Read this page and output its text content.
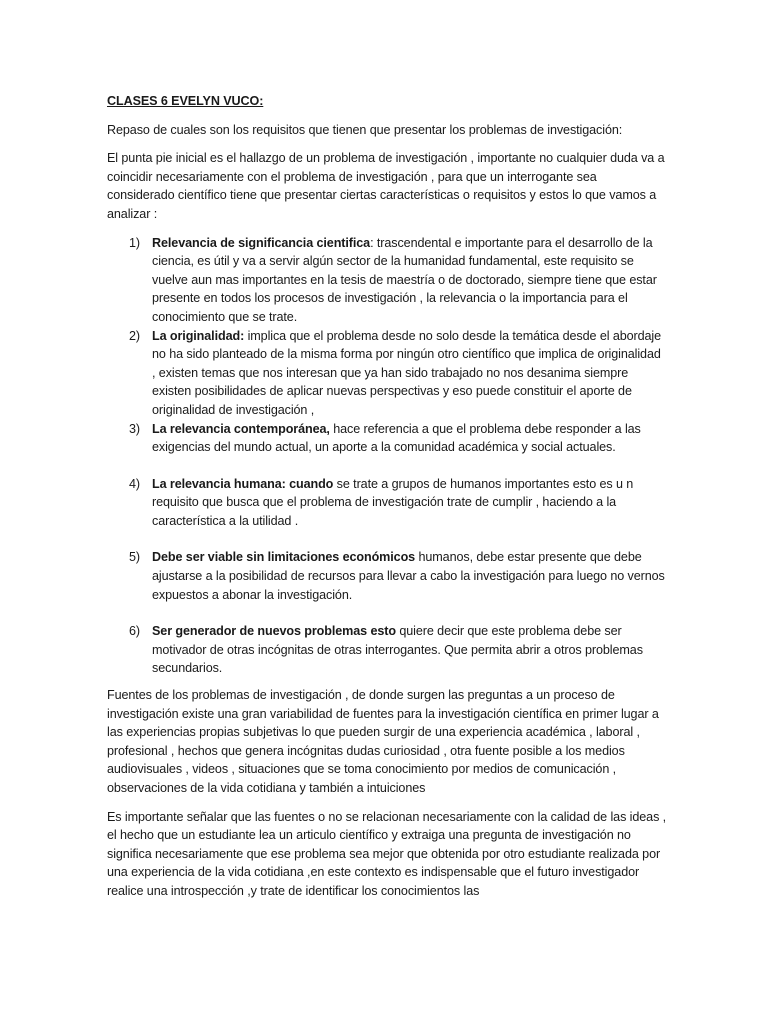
CLASES 6 EVELYN VUCO:

Repaso de cuales son los requisitos que tienen que presentar los problemas de investigación:

El punta pie inicial es el hallazgo de un problema de investigación , importante no cualquier duda va a coincidir necesariamente con el problema de investigación , para que un interrogante sea considerado científico tiene que presentar ciertas características o requisitos y estos lo que vamos a analizar :

1) Relevancia de significancia cientifica: trascendental e importante para el desarrollo de la ciencia, es útil y va a servir algún sector de la humanidad fundamental, este requisito se vuelve aun mas importantes en la tesis de maestría o de doctorado, siempre tiene que estar presente en todos los procesos de investigación , la relevancia o la importancia para el conocimiento que se trate.
2) La originalidad: implica que el problema desde no solo desde la temática desde el abordaje no ha sido planteado de la misma forma por ningún otro científico que implica de originalidad , existen temas que nos interesan que ya han sido trabajado no nos desanima siempre existen posibilidades de aplicar nuevas perspectivas y eso puede constituir el aporte de originalidad de investigación ,
3) La relevancia contemporánea, hace referencia a que el problema debe responder a las exigencias del mundo actual, un aporte a la comunidad académica y social actuales.
4) La relevancia humana: cuando se trate a grupos de humanos importantes esto es u n requisito que busca que el problema de investigación trate de cumplir , haciendo a la característica a la utilidad .
5) Debe ser viable sin limitaciones económicos humanos, debe estar presente que debe ajustarse a la posibilidad de recursos para llevar a cabo la investigación para luego no vernos expuestos a abonar la investigación.
6) Ser generador de nuevos problemas esto quiere decir que este problema debe ser motivador de otras incógnitas de otras interrogantes. Que permita abrir a otros problemas secundarios.

Fuentes de los problemas de investigación , de donde surgen las preguntas a un proceso de investigación existe una gran variabilidad de fuentes para la investigación científica en primer lugar a las experiencias propias subjetivas lo que pueden surgir de una experiencia académica , laboral , profesional , hechos que genera incógnitas dudas curiosidad , otra fuente posible a los medios audiovisuales , videos , situaciones que se toma conocimiento por medios de comunicación , observaciones de la vida cotidiana y también a intuiciones

Es importante señalar que las fuentes o no se relacionan necesariamente con la calidad de las ideas , el hecho que un estudiante lea un articulo científico y extraiga una pregunta de investigación no significa necesariamente que ese problema sea mejor que obtenida por otro estudiante realizada por una experiencia de la vida cotidiana ,en este contexto es indispensable que el futuro investigador realice una introspección ,y trate de identificar los conocimientos las
